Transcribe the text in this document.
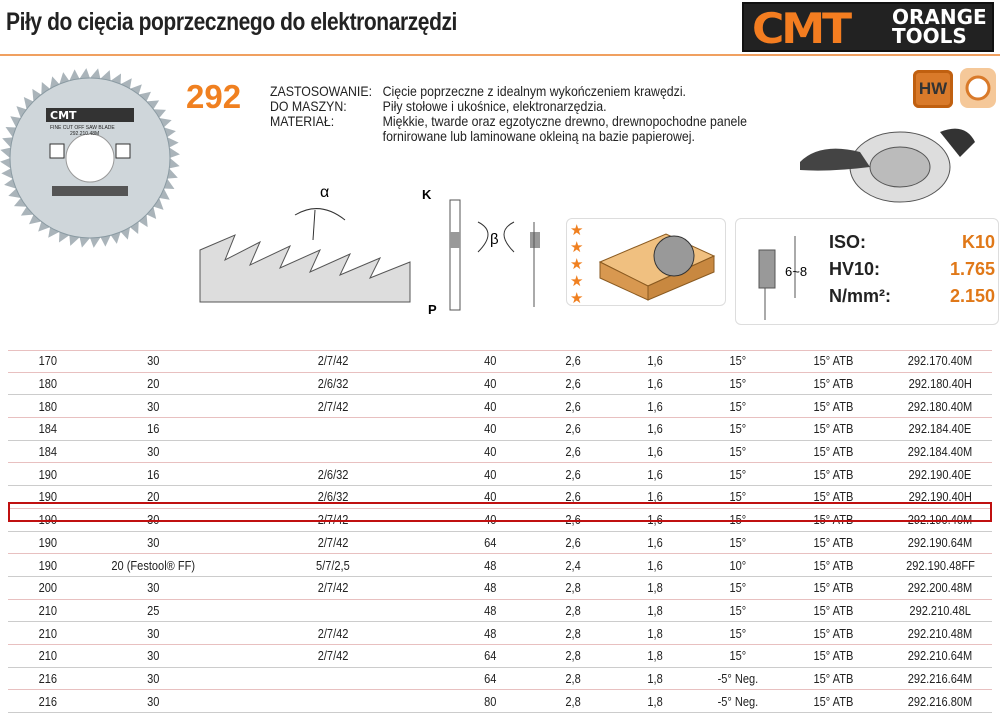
Piły do cięcia poprzecznego do elektronarzędzi	CMT ORANGE
TOOLS
CMT
FINE CUT OFF SAW BLADE
292.210.48M
292 ZASTOSOWANIE: Cięcie poprzeczne z idealnym wykończeniem krawędzi.
DO MASZYN:	Piły stołowe i ukośnice, elektronarzędzia.
MATERIAŁ:	Miękkie, twarde oraz egzotyczne drewno, drewnopochodne panele
fornirowane lub laminowane okleiną na bazie papierowej.
HW
α	K
P
β
★
★
★
★
★
6~8
ISO:	K10
HV10:	1.765
N/mm²:	2.150
170	30	2/7/42	40	2,6	1,6	15°	15° ATB	292.170.40M
180	20	2/6/32	40	2,6	1,6	15°	15° ATB	292.180.40H
180	30	2/7/42	40	2,6	1,6	15°	15° ATB	292.180.40M
184	16		40	2,6	1,6	15°	15° ATB	292.184.40E
184	30		40	2,6	1,6	15°	15° ATB	292.184.40M
190	16	2/6/32	40	2,6	1,6	15°	15° ATB	292.190.40E
190	20	2/6/32	40	2,6	1,6	15°	15° ATB	292.190.40H
190	30	2/7/42	40	2,6	1,6	15°	15° ATB	292.190.40M
190	30	2/7/42	64	2,6	1,6	15°	15° ATB	292.190.64M
190	20 (Festool® FF)	5/7/2,5	48	2,4	1,6	10°	15° ATB	292.190.48FF
200	30	2/7/42	48	2,8	1,8	15°	15° ATB	292.200.48M
210	25		48	2,8	1,8	15°	15° ATB	292.210.48L
210	30	2/7/42	48	2,8	1,8	15°	15° ATB	292.210.48M
210	30	2/7/42	64	2,8	1,8	15°	15° ATB	292.210.64M
216	30		64	2,8	1,8	-5° Neg.	15° ATB	292.216.64M
216	30		80	2,8	1,8	-5° Neg.	15° ATB	292.216.80M
